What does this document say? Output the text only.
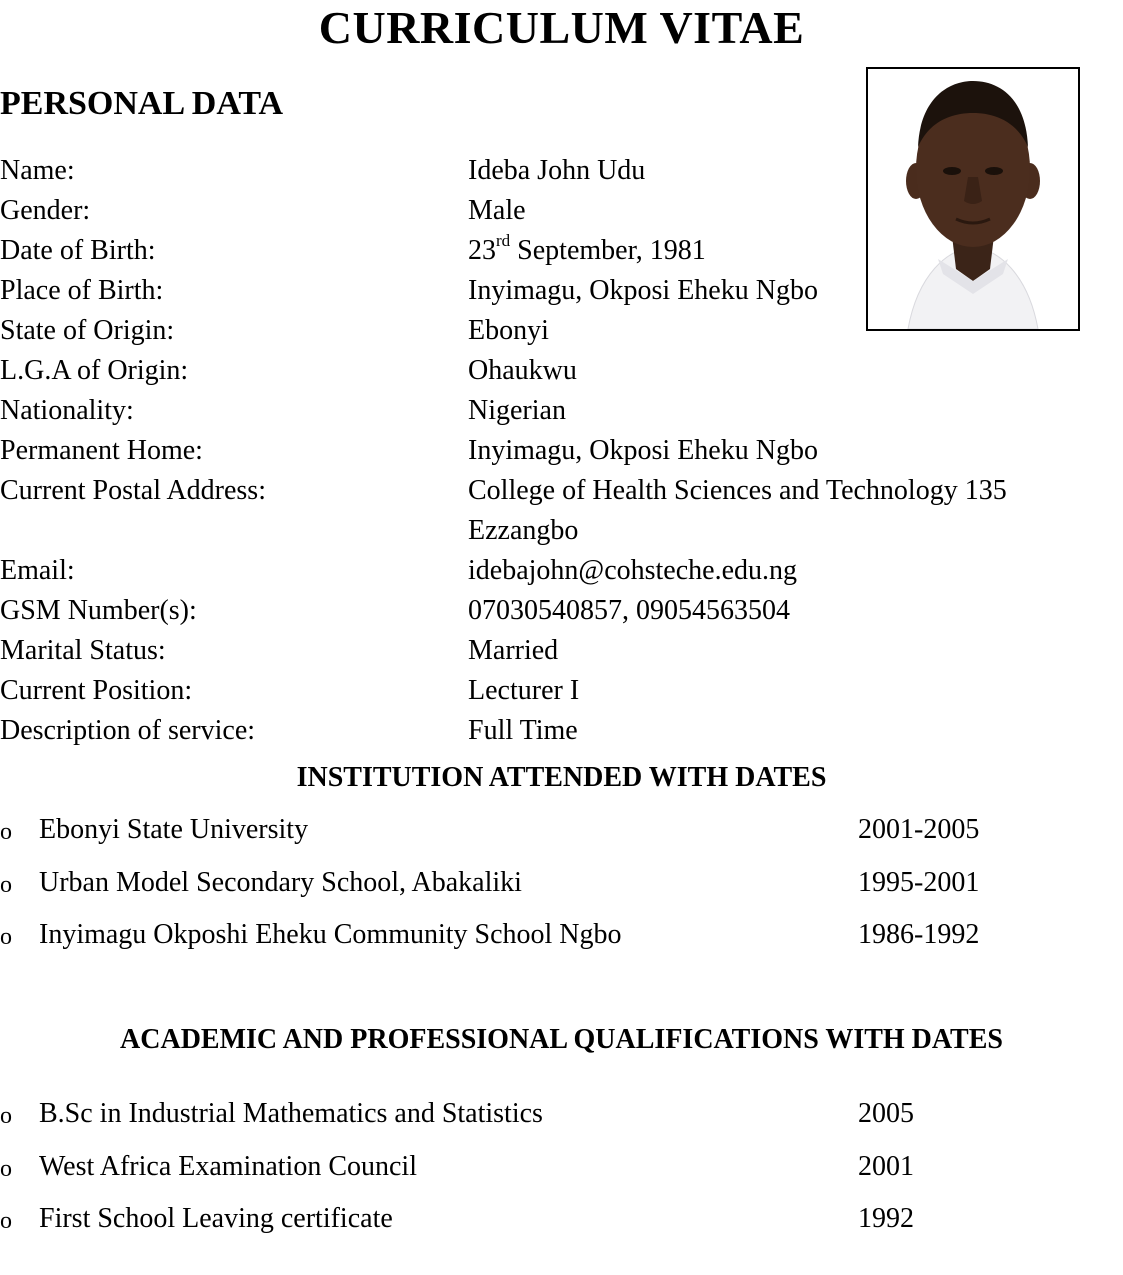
CURRICULUM VITAE
PERSONAL DATA
Name:	Ideba John Udu
Gender:	Male
Date of Birth:	23rd September, 1981
Place of Birth:	Inyimagu, Okposi Eheku Ngbo
State of Origin:	Ebonyi
L.G.A of Origin:	Ohaukwu
Nationality:	Nigerian
Permanent Home:	Inyimagu, Okposi Eheku Ngbo
Current Postal Address:	College of Health Sciences and Technology 135 Ezzangbo
Email:	idebajohn@cohsteche.edu.ng
GSM Number(s):	07030540857, 09054563504
Marital Status:	Married
Current Position:	Lecturer I
Description of service:	Full Time
INSTITUTION ATTENDED WITH DATES
o Ebonyi State University	2001-2005
o Urban Model Secondary School, Abakaliki	1995-2001
o Inyimagu Okposhi Eheku Community School Ngbo	1986-1992
ACADEMIC AND PROFESSIONAL QUALIFICATIONS WITH DATES
o B.Sc in Industrial Mathematics and Statistics	2005
o West Africa Examination Council	2001
o First School Leaving certificate	1992
